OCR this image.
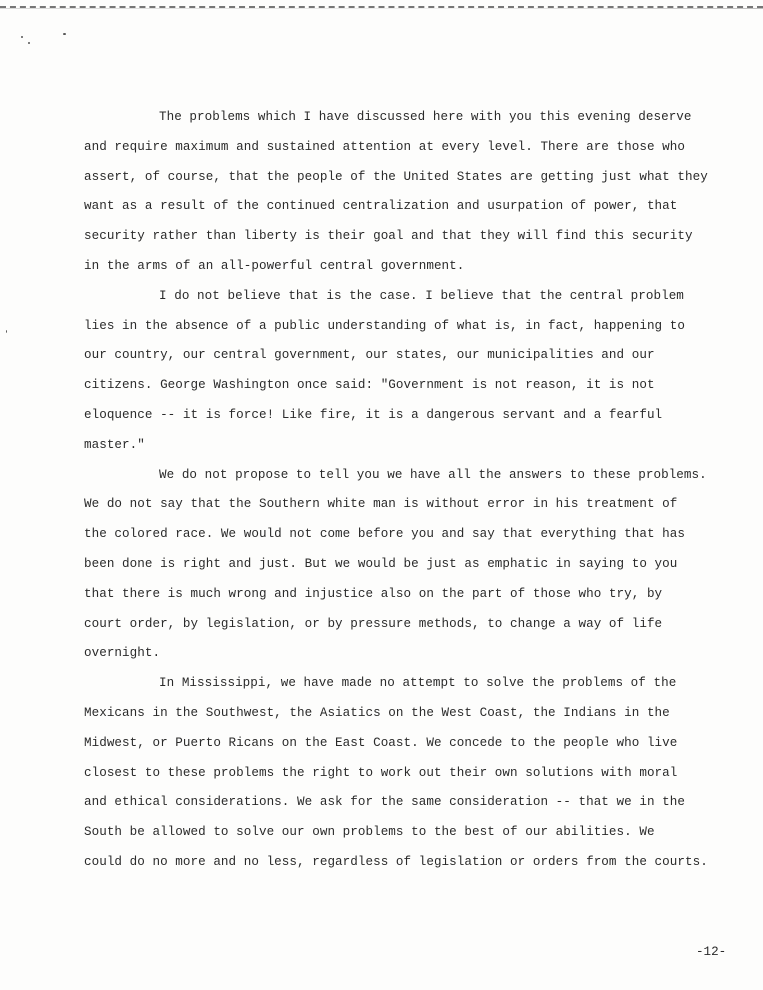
The problems which I have discussed here with you this evening deserve
and require maximum and sustained attention at every level. There are those who
assert, of course, that the people of the United States are getting just what they
want as a result of the continued centralization and usurpation of power, that
security rather than liberty is their goal and that they will find this security
in the arms of an all-powerful central government.
I do not believe that is the case. I believe that the central problem
lies in the absence of a public understanding of what is, in fact, happening to
our country, our central government, our states, our municipalities and our
citizens. George Washington once said: "Government is not reason, it is not
eloquence -- it is force! Like fire, it is a dangerous servant and a fearful
master."
We do not propose to tell you we have all the answers to these problems.
We do not say that the Southern white man is without error in his treatment of
the colored race. We would not come before you and say that everything that has
been done is right and just. But we would be just as emphatic in saying to you
that there is much wrong and injustice also on the part of those who try, by
court order, by legislation, or by pressure methods, to change a way of life
overnight.
In Mississippi, we have made no attempt to solve the problems of the
Mexicans in the Southwest, the Asiatics on the West Coast, the Indians in the
Midwest, or Puerto Ricans on the East Coast. We concede to the people who live
closest to these problems the right to work out their own solutions with moral
and ethical considerations. We ask for the same consideration -- that we in the
South be allowed to solve our own problems to the best of our abilities. We
could do no more and no less, regardless of legislation or orders from the courts.
-12-
